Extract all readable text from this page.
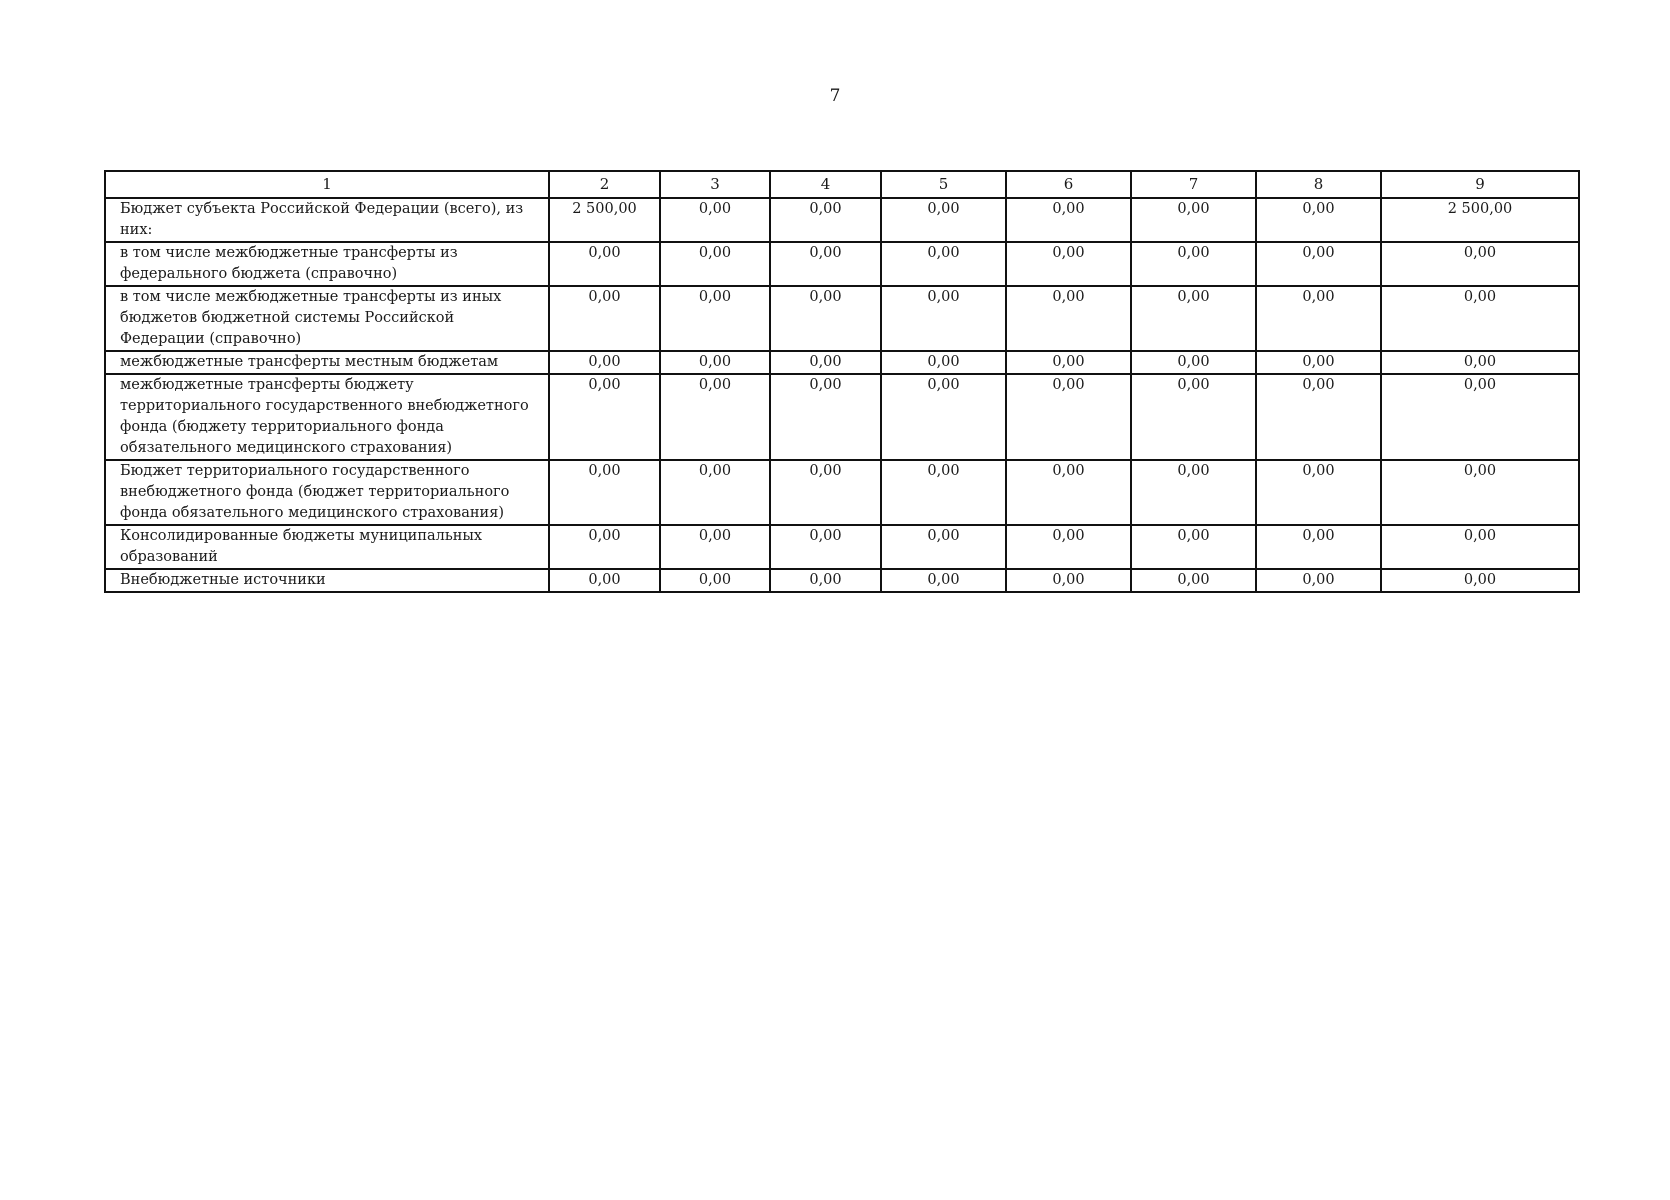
7
1	2	3	4	5	6	7	8	9
Бюджет субъекта Российской Федерации (всего), из них:	2 500,00	0,00	0,00	0,00	0,00	0,00	0,00	2 500,00
в том числе межбюджетные трансферты из федерального бюджета (справочно)	0,00	0,00	0,00	0,00	0,00	0,00	0,00	0,00
в том числе межбюджетные трансферты из иных бюджетов бюджетной системы Российской Федерации (справочно)	0,00	0,00	0,00	0,00	0,00	0,00	0,00	0,00
межбюджетные трансферты местным бюджетам	0,00	0,00	0,00	0,00	0,00	0,00	0,00	0,00
межбюджетные трансферты бюджету территориального государственного внебюджетного фонда (бюджету территориального фонда обязательного медицинского страхования)	0,00	0,00	0,00	0,00	0,00	0,00	0,00	0,00
Бюджет территориального государственного внебюджетного фонда (бюджет территориального фонда обязательного медицинского страхования)	0,00	0,00	0,00	0,00	0,00	0,00	0,00	0,00
Консолидированные бюджеты муниципальных образований	0,00	0,00	0,00	0,00	0,00	0,00	0,00	0,00
Внебюджетные источники	0,00	0,00	0,00	0,00	0,00	0,00	0,00	0,00
